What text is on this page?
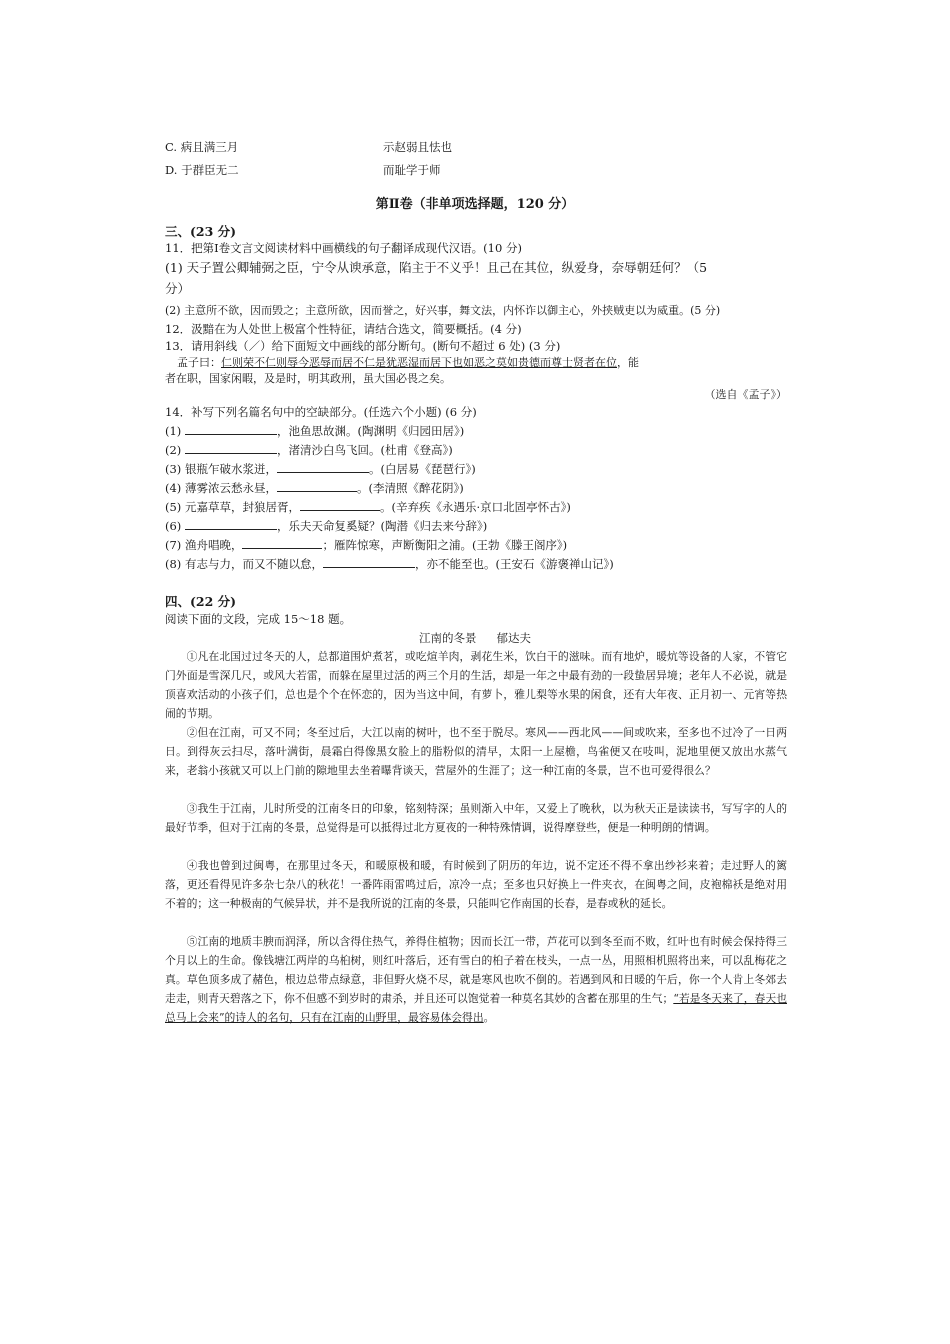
C. 病且满三月	示赵弱且怯也
D. 于群臣无二	而耻学于师
第Ⅱ卷（非单项选择题，120 分）
三、(23 分)
11．把第Ⅰ卷文言文阅读材料中画横线的句子翻译成现代汉语。(10 分)
(1) 天子置公卿辅弼之臣，宁令从谀承意，陷主于不义乎！且己在其位，纵爱身，奈辱朝廷何？（5
分）
(2) 主意所不欲，因而毁之；主意所欲，因而誉之，好兴事，舞文法，内怀诈以御主心，外挟贼吏以为威重。(5 分)
12．汲黯在为人处世上极富个性特征，请结合选文，简要概括。(4 分)
13．请用斜线（／）给下面短文中画线的部分断句。(断句不超过 6 处) (3 分)
孟子曰：仁则荣不仁则辱今恶辱而居不仁是犹恶湿而居下也如恶之莫如贵德而尊士贤者在位，能
者在职，国家闲暇，及是时，明其政刑，虽大国必畏之矣。
（选自《孟子》）
14．补写下列名篇名句中的空缺部分。(任选六个小题) (6 分)
(1)	，池鱼思故渊。(陶渊明《归园田居》)
(2)	，渚清沙白鸟飞回。(杜甫《登高》)
(3) 银瓶乍破水浆迸，	。(白居易《琵琶行》)
(4) 薄雾浓云愁永昼，	。(李清照《醉花阴》)
(5) 元嘉草草，封狼居胥，	。(辛弃疾《永遇乐·京口北固亭怀古》)
(6)	，乐夫天命复奚疑？(陶潜《归去来兮辞》)
(7) 渔舟唱晚，	；雁阵惊寒，声断衡阳之浦。(王勃《滕王阁序》)
(8) 有志与力，而又不随以怠，	，亦不能至也。(王安石《游褒禅山记》)
四、(22 分)
阅读下面的文段，完成 15～18 题。
江南的冬景 郁达夫
①凡在北国过过冬天的人，总都道围炉煮茗，或吃煊羊肉，剥花生米，饮白干的滋味。而有地炉，暖炕等设备的人家，不管它门外面是雪深几尺，或风大若雷，而躲在屋里过活的两三个月的生活，却是一年之中最有劲的一段蛰居异境；老年人不必说，就是顶喜欢活动的小孩子们，总也是个个在怀恋的，因为当这中间，有萝卜，雅儿梨等水果的闲食，还有大年夜、正月初一、元宵等热闹的节期。
②但在江南，可又不同；冬至过后，大江以南的树叶，也不至于脱尽。寒风——西北风——间或吹来，至多也不过冷了一日两日。到得灰云扫尽，落叶满街，晨霜白得像黑女脸上的脂粉似的清早，太阳一上屋檐，鸟雀便又在吱叫，泥地里便又放出水蒸气来，老翁小孩就又可以上门前的隙地里去坐着曝背谈天，营屋外的生涯了；这一种江南的冬景，岂不也可爱得很么？
③我生于江南，儿时所受的江南冬日的印象，铭刻特深；虽则渐入中年，又爱上了晚秋，以为秋天正是读读书，写写字的人的最好节季，但对于江南的冬景，总觉得是可以抵得过北方夏夜的一种特殊情调，说得摩登些，便是一种明朗的情调。
④我也曾到过闽粤，在那里过冬天，和暖原极和暖，有时候到了阴历的年边，说不定还不得不拿出纱衫来着；走过野人的篱落，更还看得见许多杂七杂八的秋花！一番阵雨雷鸣过后，凉冷一点；至多也只好换上一件夹衣，在闽粤之间，皮袍棉袄是绝对用不着的；这一种极南的气候异状，并不是我所说的江南的冬景，只能叫它作南国的长春，是春或秋的延长。
⑤江南的地质丰腴而润泽，所以含得住热气，养得住植物；因而长江一带，芦花可以到冬至而不败，红叶也有时候会保持得三个月以上的生命。像钱塘江两岸的乌桕树，则红叶落后，还有雪白的桕子着在枝头，一点一丛，用照相机照将出来，可以乱梅花之真。草色顶多成了赭色，根边总带点绿意，非但野火烧不尽，就是寒风也吹不倒的。若遇到风和日暖的午后，你一个人肯上冬郊去走走，则青天碧落之下，你不但感不到岁时的肃杀，并且还可以饱觉着一种莫名其妙的含蓄在那里的生气；“若是冬天来了，春天也总马上会来”的诗人的名句，只有在江南的山野里，最容易体会得出。
